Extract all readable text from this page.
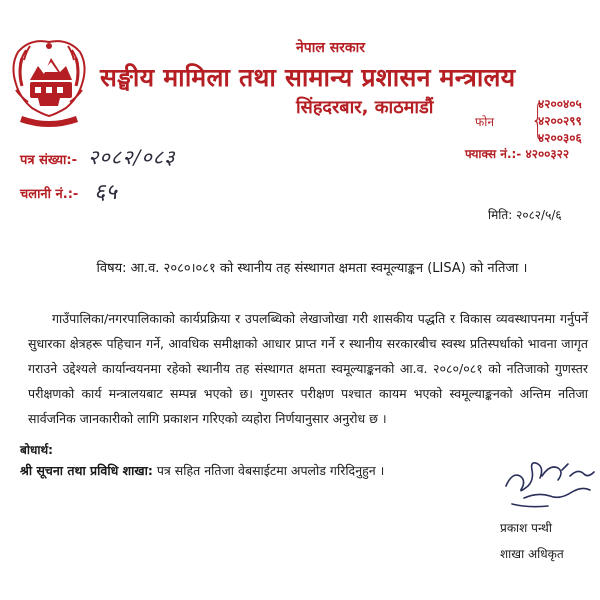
नेपाल सरकार
सङ्घीय मामिला तथा सामान्य प्रशासन मन्त्रालय
सिंहदरबार, काठमाडौं
फोन {
४२००४०५
४२००२९९
४२००३०६
फ्याक्स नं.:- ४२००३२२
पत्र संख्या:- २०८२/०८३
चलानी नं.:- ६५
मिति: २०८२/५/६
विषय: आ.व. २०८०।०८१ को स्थानीय तह संस्थागत क्षमता स्वमूल्याङ्कन (LISA) को नतिजा ।
गाउँपालिका/नगरपालिकाको कार्यप्रक्रिया र उपलब्धिको लेखाजोखा गरी शासकीय पद्धति र विकास व्यवस्थापनमा गर्नुपर्ने सुधारका क्षेत्रहरू पहिचान गर्ने, आवधिक समीक्षाको आधार प्राप्त गर्ने र स्थानीय सरकारबीच स्वस्थ प्रतिस्पर्धाको भावना जागृत गराउने उद्देश्यले कार्यान्वयनमा रहेको स्थानीय तह संस्थागत क्षमता स्वमूल्याङ्कनको आ.व. २०८०/०८१ को नतिजाको गुणस्तर परीक्षणको कार्य मन्त्रालयबाट सम्पन्न भएको छ। गुणस्तर परीक्षण पश्चात कायम भएको स्वमूल्याङ्कनको अन्तिम नतिजा सार्वजनिक जानकारीको लागि प्रकाशन गरिएको व्यहोरा निर्णयानुसार अनुरोध छ ।
बोधार्थ:
श्री सूचना तथा प्रविधि शाखा: पत्र सहित नतिजा वेबसाईटमा अपलोड गरिदिनुहुन ।
प्रकाश पन्थी
शाखा अधिकृत
